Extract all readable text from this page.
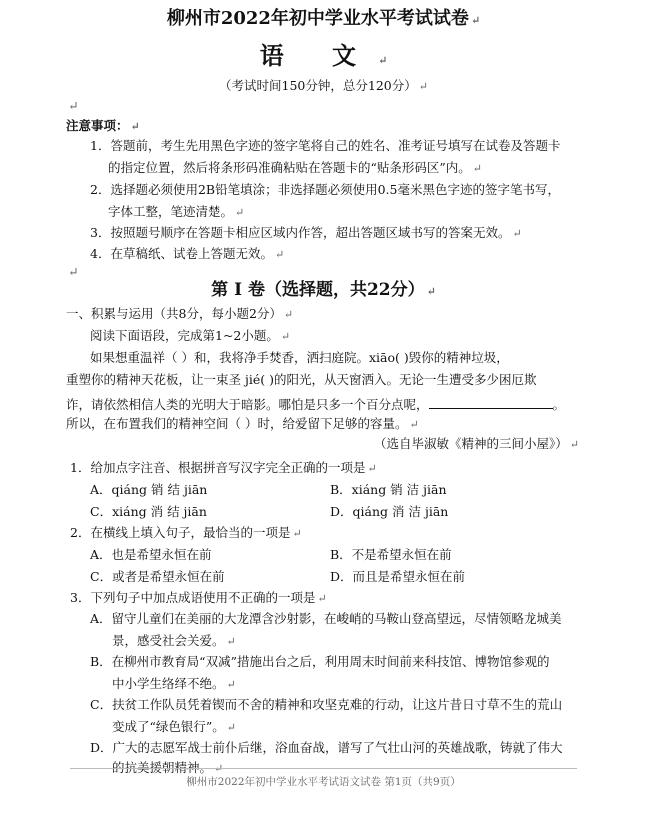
柳州市2022年初中学业水平考试试卷 ↵
语 文 ↵
（考试时间150分钟，总分120分） ↵
↵
注意事项： ↵
1．答题前，考生先用黑色字迹的签字笔将自己的姓名、准考证号填写在试卷及答题卡
的指定位置，然后将条形码准确粘贴在答题卡的“贴条形码区”内。 ↵
2．选择题必须使用2B铅笔填涂；非选择题必须使用0.5毫米黑色字迹的签字笔书写，
字体工整，笔迹清楚。 ↵
3．按照题号顺序在答题卡相应区域内作答，超出答题区域书写的答案无效。 ↵
4．在草稿纸、试卷上答题无效。 ↵
↵
第 Ⅰ 卷（选择题，共22分） ↵
一、积累与运用（共8分，每小题2分） ↵
阅读下面语段，完成第1~2小题。 ↵
如果想重温祥（ ）和，我将净手焚香，洒扫庭院。xiāo( )毁你的精神垃圾，
重塑你的精神天花板，让一束圣 jié( )的阳光，从天窗洒入。无论一生遭受多少困厄欺
诈，请依然相信人类的光明大于暗影。哪怕是只多一个百分点呢，	。
所以，在布置我们的精神空间（ ）时，给爱留下足够的容量。 ↵
（选自毕淑敏《精神的三间小屋》） ↵
1．给加点字注音、根据拼音写汉字完全正确的一项是 ↵
A．qiáng 销 结 jiān	B．xiáng 销 洁 jiān
C．xiáng 消 结 jiān	D．qiáng 消 洁 jiān
2．在横线上填入句子，最恰当的一项是 ↵
A．也是希望永恒在前	B．不是希望永恒在前
C．或者是希望永恒在前	D．而且是希望永恒在前
3．下列句子中加点成语使用不正确的一项是 ↵
A．留守儿童们在美丽的大龙潭含沙射影，在峻峭的马鞍山登高望远，尽情领略龙城美
景，感受社会关爱。 ↵
B．在柳州市教育局“双减”措施出台之后，利用周末时间前来科技馆、博物馆参观的
中小学生络绎不绝。 ↵
C．扶贫工作队员凭着锲而不舍的精神和攻坚克难的行动，让这片昔日寸草不生的荒山
变成了“绿色银行”。 ↵
D．广大的志愿军战士前仆后继，浴血奋战，谱写了气壮山河的英雄战歌，铸就了伟大
的抗美援朝精神。 ↵
柳州市2022年初中学业水平考试语文试卷 第1页（共9页）
